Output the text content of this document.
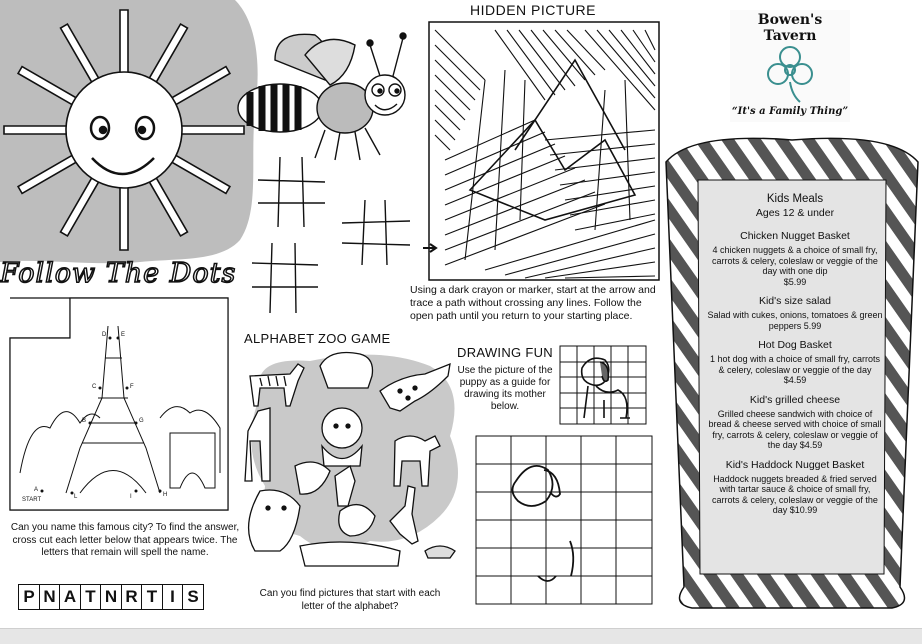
Follow The Dots
HIDDEN PICTURE
Using a dark crayon or marker, start at the arrow and trace a path without crossing any lines. Follow the open path until you return to your starting place.
Bowen's Tavern
“It's a Family Thing”
Kids Meals
Ages 12 & under
Chicken Nugget Basket
4 chicken nuggets & a choice of small fry, carrots & celery, coleslaw or veggie of the day with one dip
$5.99
Kid's size salad
Salad with cukes, onions, tomatoes & green peppers 5.99
Hot Dog Basket
1 hot dog with a choice of small fry, carrots & celery, coleslaw or veggie of the day
$4.59
Kid's grilled cheese
Grilled cheese sandwich with choice of bread & cheese served with choice of small fry, carrots & celery, coleslaw or veggie of the day $4.59
Kid's Haddock Nugget Basket
Haddock nuggets breaded & fried served with tartar sauce & choice of small fry, carrots & celery, coleslaw or veggie of the day $10.99
D E
C	F
B	G
A
START	L	I	H
Can you name this famous city? To find the answer, cross cut each letter below that appears twice. The letters that remain will spell the name.
P N A T N R T I S
ALPHABET ZOO GAME
Can you find pictures that start with each letter of the alphabet?
DRAWING FUN
Use the picture of the puppy as a guide for drawing its mother below.
